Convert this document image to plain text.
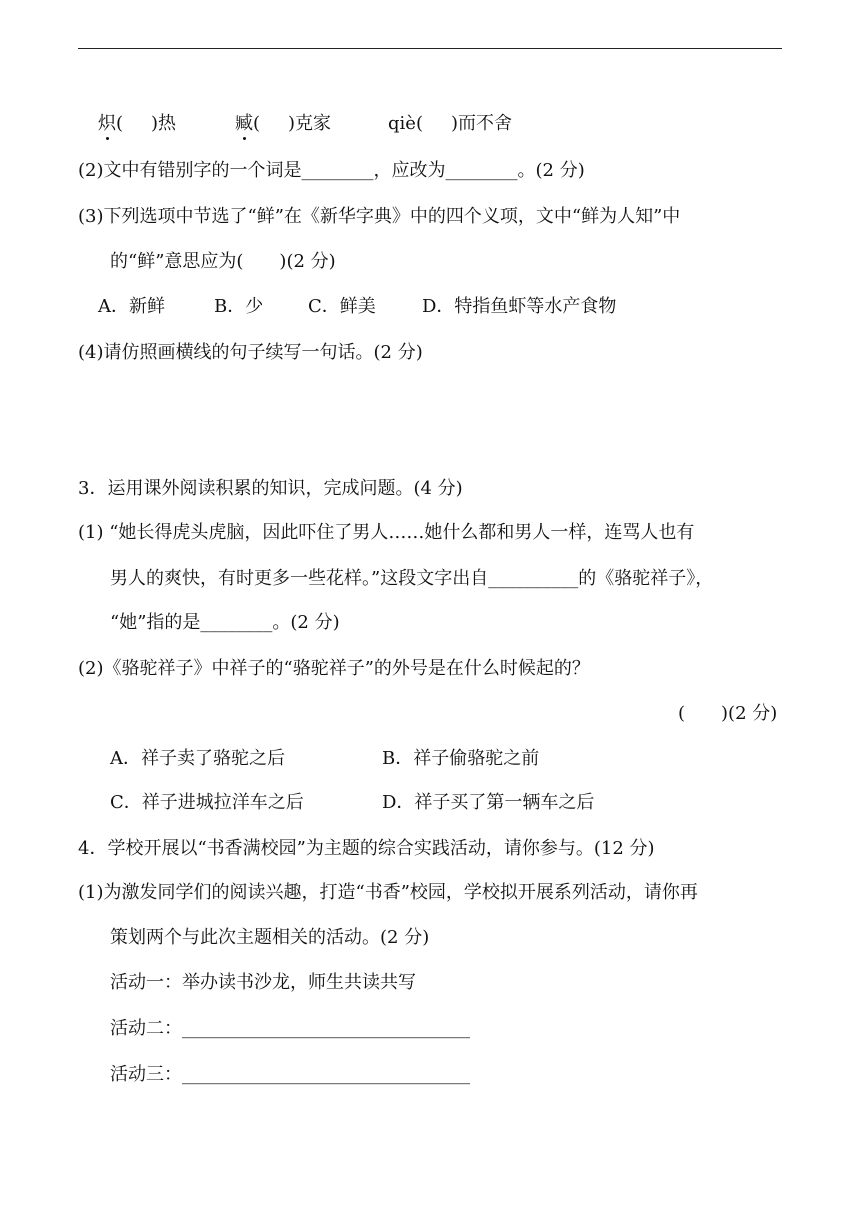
炽( )热	臧( )克家	qiè( )而不舍
(2)文中有错别字的一个词是________，应改为________。(2 分)
(3)下列选项中节选了“鲜”在《新华字典》中的四个义项，文中“鲜为人知”中
的“鲜”意思应为(　　)(2 分)
A．新鲜	B．少 C．鲜美	D．特指鱼虾等水产食物
(4)请仿照画横线的句子续写一句话。(2 分)
3．运用课外阅读积累的知识，完成问题。(4 分)
(1) “她长得虎头虎脑，因此吓住了男人……她什么都和男人一样，连骂人也有
男人的爽快，有时更多一些花样。”这段文字出自__________的《骆驼祥子》，
“她”指的是________。(2 分)
(2)《骆驼祥子》中祥子的“骆驼祥子”的外号是在什么时候起的？
(　　)(2 分)
A．祥子卖了骆驼之后	B．祥子偷骆驼之前
C．祥子进城拉洋车之后	D．祥子买了第一辆车之后
4．学校开展以“书香满校园”为主题的综合实践活动，请你参与。(12 分)
(1)为激发同学们的阅读兴趣，打造“书香”校园，学校拟开展系列活动，请你再
策划两个与此次主题相关的活动。(2 分)
活动一：举办读书沙龙，师生共读共写
活动二：________________________________
活动三：________________________________
